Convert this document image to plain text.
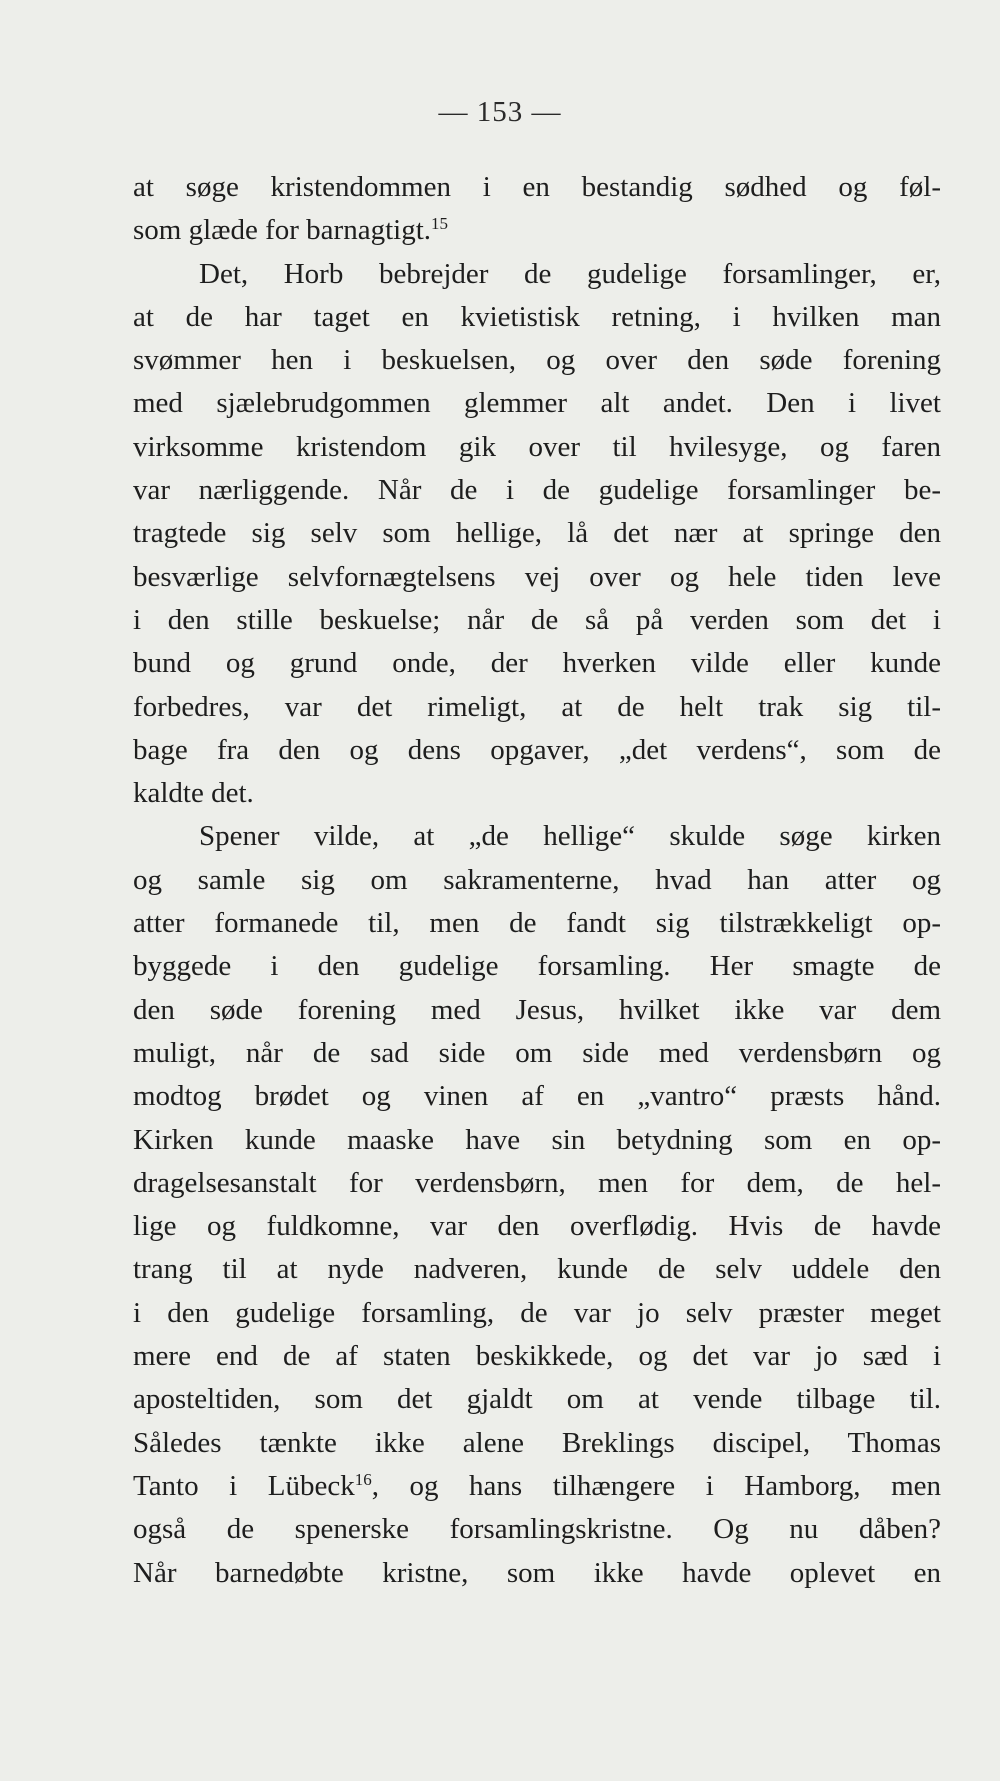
— 153 —
at søge kristendommen i en bestandig sødhed og føl-
som glæde for barnagtigt.$^{15}$
Det, Horb bebrejder de gudelige forsamlinger, er,
at de har taget en kvietistisk retning, i hvilken man
svømmer hen i beskuelsen, og over den søde forening
med sjælebrudgommen glemmer alt andet. Den i livet
virksomme kristendom gik over til hvilesyge, og faren
var nærliggende. Når de i de gudelige forsamlinger be-
tragtede sig selv som hellige, lå det nær at springe den
besværlige selvfornægtelsens vej over og hele tiden leve
i den stille beskuelse; når de så på verden som det i
bund og grund onde, der hverken vilde eller kunde
forbedres, var det rimeligt, at de helt trak sig til-
bage fra den og dens opgaver, „det verdens“, som de
kaldte det.
Spener vilde, at „de hellige“ skulde søge kirken
og samle sig om sakramenterne, hvad han atter og
atter formanede til, men de fandt sig tilstrækkeligt op-
byggede i den gudelige forsamling. Her smagte de
den søde forening med Jesus, hvilket ikke var dem
muligt, når de sad side om side med verdensbørn og
modtog brødet og vinen af en „vantro“ præsts hånd.
Kirken kunde maaske have sin betydning som en op-
dragelsesanstalt for verdensbørn, men for dem, de hel-
lige og fuldkomne, var den overflødig. Hvis de havde
trang til at nyde nadveren, kunde de selv uddele den
i den gudelige forsamling, de var jo selv præster meget
mere end de af staten beskikkede, og det var jo sæd i
aposteltiden, som det gjaldt om at vende tilbage til.
Således tænkte ikke alene Breklings discipel, Thomas
Tanto i Lübeck$^{16}$, og hans tilhængere i Hamborg, men
også de spenerske forsamlingskristne. Og nu dåben?
Når barnedøbte kristne, som ikke havde oplevet en
